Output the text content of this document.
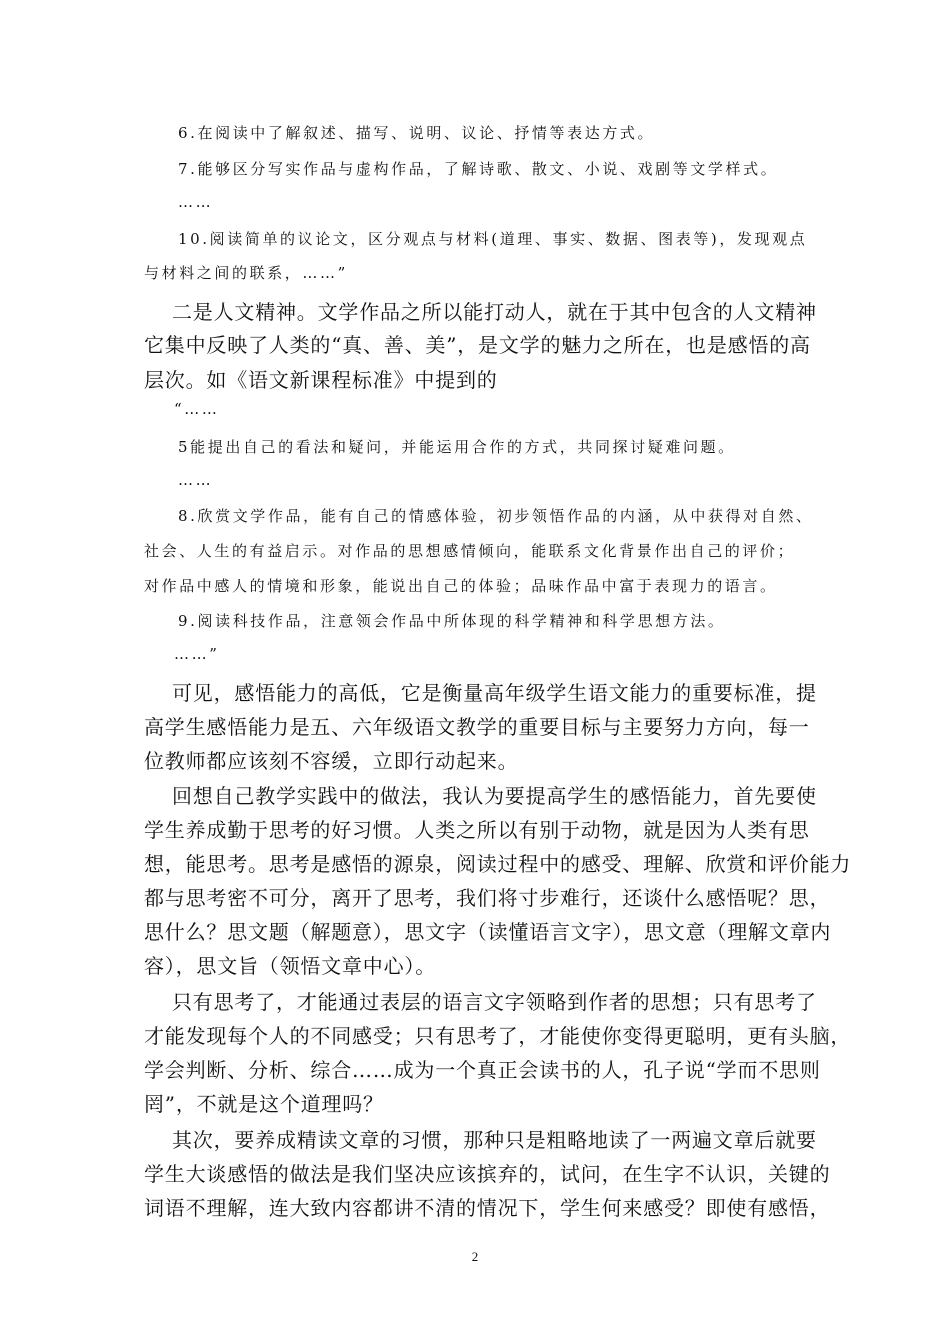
6.在阅读中了解叙述、描写、说明、议论、抒情等表达方式。
7.能够区分写实作品与虚构作品，了解诗歌、散文、小说、戏剧等文学样式。
……
10.阅读简单的议论文，区分观点与材料(道理、事实、数据、图表等)，发现观点
与材料之间的联系，……”
二是人文精神。文学作品之所以能打动人，就在于其中包含的人文精神
它集中反映了人类的“真、善、美”，是文学的魅力之所在，也是感悟的高
层次。如《语文新课程标准》中提到的
“……
5能提出自己的看法和疑问，并能运用合作的方式，共同探讨疑难问题。
……
8.欣赏文学作品，能有自己的情感体验，初步领悟作品的内涵，从中获得对自然、
社会、人生的有益启示。对作品的思想感情倾向，能联系文化背景作出自己的评价；
对作品中感人的情境和形象，能说出自己的体验；品味作品中富于表现力的语言。
9.阅读科技作品，注意领会作品中所体现的科学精神和科学思想方法。
……”
可见，感悟能力的高低，它是衡量高年级学生语文能力的重要标准，提
高学生感悟能力是五、六年级语文教学的重要目标与主要努力方向，每一
位教师都应该刻不容缓，立即行动起来。
回想自己教学实践中的做法，我认为要提高学生的感悟能力，首先要使
学生养成勤于思考的好习惯。人类之所以有别于动物，就是因为人类有思
想，能思考。思考是感悟的源泉，阅读过程中的感受、理解、欣赏和评价能力
都与思考密不可分，离开了思考，我们将寸步难行，还谈什么感悟呢？思，
思什么？思文题（解题意），思文字（读懂语言文字），思文意（理解文章内
容），思文旨（领悟文章中心）。
只有思考了，才能通过表层的语言文字领略到作者的思想；只有思考了
才能发现每个人的不同感受；只有思考了，才能使你变得更聪明，更有头脑，
学会判断、分析、综合……成为一个真正会读书的人，孔子说“学而不思则
罔”，不就是这个道理吗？
其次，要养成精读文章的习惯，那种只是粗略地读了一两遍文章后就要
学生大谈感悟的做法是我们坚决应该摈弃的，试问，在生字不认识，关键的
词语不理解，连大致内容都讲不清的情况下，学生何来感受？即使有感悟，
2
